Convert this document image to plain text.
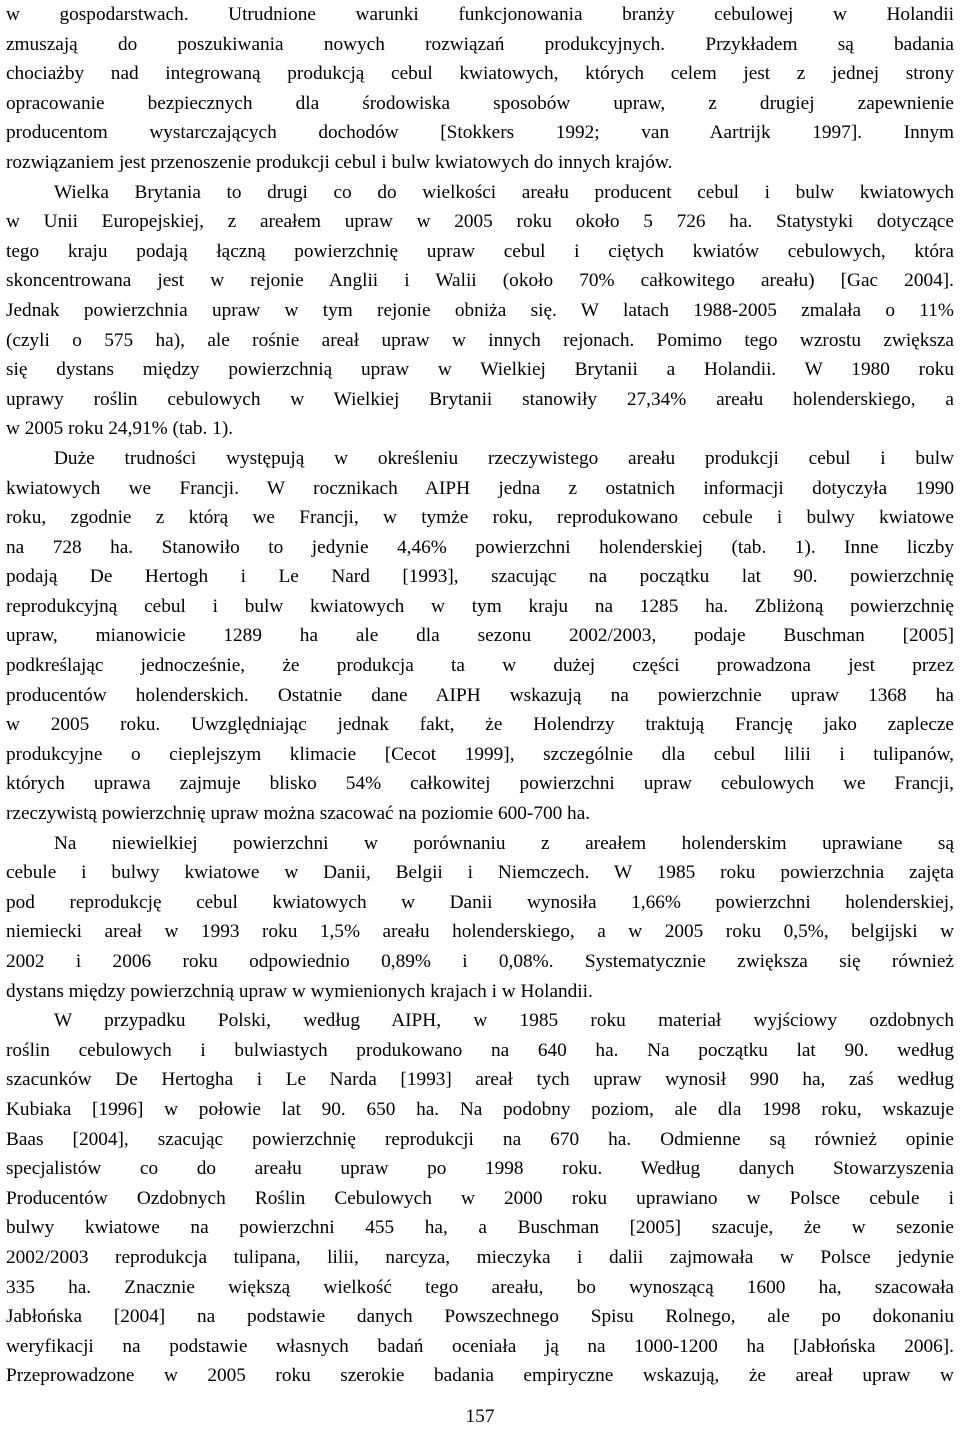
w gospodarstwach. Utrudnione warunki funkcjonowania branży cebulowej w Holandii
zmuszają do poszukiwania nowych rozwiązań produkcyjnych. Przykładem są badania
chociażby nad integrowaną produkcją cebul kwiatowych, których celem jest z jednej strony
opracowanie bezpiecznych dla środowiska sposobów upraw, z drugiej zapewnienie
producentom wystarczających dochodów [Stokkers 1992; van Aartrijk 1997]. Innym
rozwiązaniem jest przenoszenie produkcji cebul i bulw kwiatowych do innych krajów.
Wielka Brytania to drugi co do wielkości areału producent cebul i bulw kwiatowych
w Unii Europejskiej, z areałem upraw w 2005 roku około 5 726 ha. Statystyki dotyczące
tego kraju podają łączną powierzchnię upraw cebul i ciętych kwiatów cebulowych, która
skoncentrowana jest w rejonie Anglii i Walii (około 70% całkowitego areału) [Gac 2004].
Jednak powierzchnia upraw w tym rejonie obniża się. W latach 1988-2005 zmalała o 11%
(czyli o 575 ha), ale rośnie areał upraw w innych rejonach. Pomimo tego wzrostu zwiększa
się dystans między powierzchnią upraw w Wielkiej Brytanii a Holandii. W 1980 roku
uprawy roślin cebulowych w Wielkiej Brytanii stanowiły 27,34% areału holenderskiego, a
w 2005 roku 24,91% (tab. 1).
Duże trudności występują w określeniu rzeczywistego areału produkcji cebul i bulw
kwiatowych we Francji. W rocznikach AIPH jedna z ostatnich informacji dotyczyła 1990
roku, zgodnie z którą we Francji, w tymże roku, reprodukowano cebule i bulwy kwiatowe
na 728 ha. Stanowiło to jedynie 4,46% powierzchni holenderskiej (tab. 1). Inne liczby
podają De Hertogh i Le Nard [1993], szacując na początku lat 90. powierzchnię
reprodukcyjną cebul i bulw kwiatowych w tym kraju na 1285 ha. Zbliżoną powierzchnię
upraw, mianowicie 1289 ha ale dla sezonu 2002/2003, podaje Buschman [2005]
podkreślając jednocześnie, że produkcja ta w dużej części prowadzona jest przez
producentów holenderskich. Ostatnie dane AIPH wskazują na powierzchnie upraw 1368 ha
w 2005 roku. Uwzględniając jednak fakt, że Holendrzy traktują Francję jako zaplecze
produkcyjne o cieplejszym klimacie [Cecot 1999], szczególnie dla cebul lilii i tulipanów,
których uprawa zajmuje blisko 54% całkowitej powierzchni upraw cebulowych we Francji,
rzeczywistą powierzchnię upraw można szacować na poziomie 600-700 ha.
Na niewielkiej powierzchni w porównaniu z areałem holenderskim uprawiane są
cebule i bulwy kwiatowe w Danii, Belgii i Niemczech. W 1985 roku powierzchnia zajęta
pod reprodukcję cebul kwiatowych w Danii wynosiła 1,66% powierzchni holenderskiej,
niemiecki areał w 1993 roku 1,5% areału holenderskiego, a w 2005 roku 0,5%, belgijski w
2002 i 2006 roku odpowiednio 0,89% i 0,08%. Systematycznie zwiększa się również
dystans między powierzchnią upraw w wymienionych krajach i w Holandii.
W przypadku Polski, według AIPH, w 1985 roku materiał wyjściowy ozdobnych
roślin cebulowych i bulwiastych produkowano na 640 ha. Na początku lat 90. według
szacunków De Hertogha i Le Narda [1993] areał tych upraw wynosił 990 ha, zaś według
Kubiaka [1996] w połowie lat 90. 650 ha. Na podobny poziom, ale dla 1998 roku, wskazuje
Baas [2004], szacując powierzchnię reprodukcji na 670 ha. Odmienne są również opinie
specjalistów co do areału upraw po 1998 roku. Według danych Stowarzyszenia
Producentów Ozdobnych Roślin Cebulowych w 2000 roku uprawiano w Polsce cebule i
bulwy kwiatowe na powierzchni 455 ha, a Buschman [2005] szacuje, że w sezonie
2002/2003 reprodukcja tulipana, lilii, narcyza, mieczyka i dalii zajmowała w Polsce jedynie
335 ha. Znacznie większą wielkość tego areału, bo wynoszącą 1600 ha, szacowała
Jabłońska [2004] na podstawie danych Powszechnego Spisu Rolnego, ale po dokonaniu
weryfikacji na podstawie własnych badań oceniała ją na 1000-1200 ha [Jabłońska 2006].
Przeprowadzone w 2005 roku szerokie badania empiryczne wskazują, że areał upraw w
157
